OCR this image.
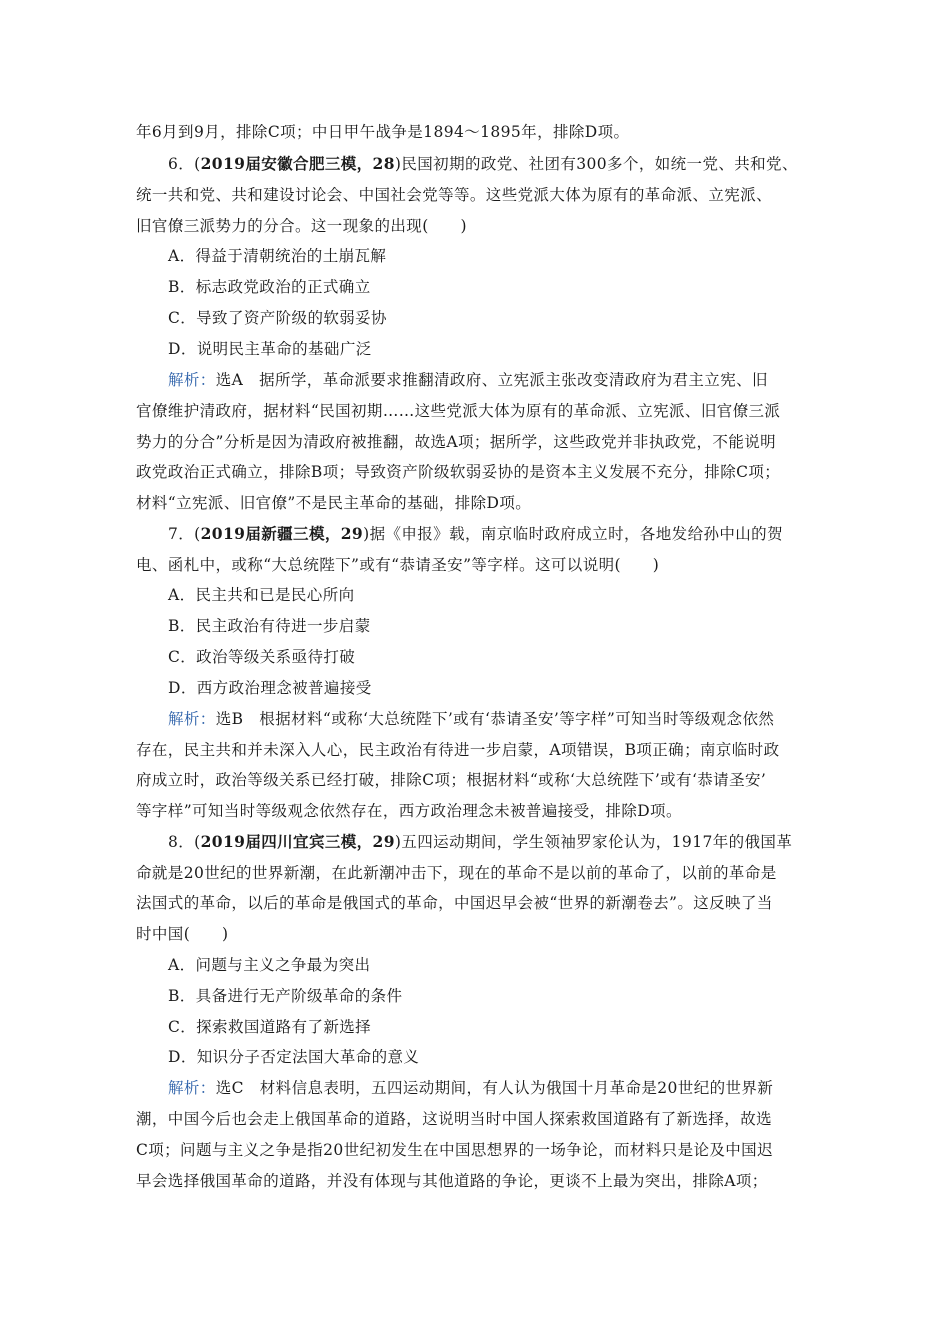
年6月到9月，排除C项；中日甲午战争是1894～1895年，排除D项。
6．(2019届安徽合肥三模，28)民国初期的政党、社团有300多个，如统一党、共和党、
统一共和党、共和建设讨论会、中国社会党等等。这些党派大体为原有的革命派、立宪派、
旧官僚三派势力的分合。这一现象的出现(　　)
A．得益于清朝统治的土崩瓦解
B．标志政党政治的正式确立
C．导致了资产阶级的软弱妥协
D．说明民主革命的基础广泛
解析：选A　据所学，革命派要求推翻清政府、立宪派主张改变清政府为君主立宪、旧
官僚维护清政府，据材料“民国初期……这些党派大体为原有的革命派、立宪派、旧官僚三派
势力的分合”分析是因为清政府被推翻，故选A项；据所学，这些政党并非执政党，不能说明
政党政治正式确立，排除B项；导致资产阶级软弱妥协的是资本主义发展不充分，排除C项；
材料“立宪派、旧官僚”不是民主革命的基础，排除D项。
7．(2019届新疆三模，29)据《申报》载，南京临时政府成立时，各地发给孙中山的贺
电、函札中，或称“大总统陛下”或有“恭请圣安”等字样。这可以说明(　　)
A．民主共和已是民心所向
B．民主政治有待进一步启蒙
C．政治等级关系亟待打破
D．西方政治理念被普遍接受
解析：选B　根据材料“或称‘大总统陛下’或有‘恭请圣安’等字样”可知当时等级观念依然
存在，民主共和并未深入人心，民主政治有待进一步启蒙，A项错误，B项正确；南京临时政
府成立时，政治等级关系已经打破，排除C项；根据材料“或称‘大总统陛下’或有‘恭请圣安’
等字样”可知当时等级观念依然存在，西方政治理念未被普遍接受，排除D项。
8．(2019届四川宜宾三模，29)五四运动期间，学生领袖罗家伦认为，1917年的俄国革
命就是20世纪的世界新潮，在此新潮冲击下，现在的革命不是以前的革命了，以前的革命是
法国式的革命，以后的革命是俄国式的革命，中国迟早会被“世界的新潮卷去”。这反映了当
时中国(　　)
A．问题与主义之争最为突出
B．具备进行无产阶级革命的条件
C．探索救国道路有了新选择
D．知识分子否定法国大革命的意义
解析：选C　材料信息表明，五四运动期间，有人认为俄国十月革命是20世纪的世界新
潮，中国今后也会走上俄国革命的道路，这说明当时中国人探索救国道路有了新选择，故选
C项；问题与主义之争是指20世纪初发生在中国思想界的一场争论，而材料只是论及中国迟
早会选择俄国革命的道路，并没有体现与其他道路的争论，更谈不上最为突出，排除A项；
